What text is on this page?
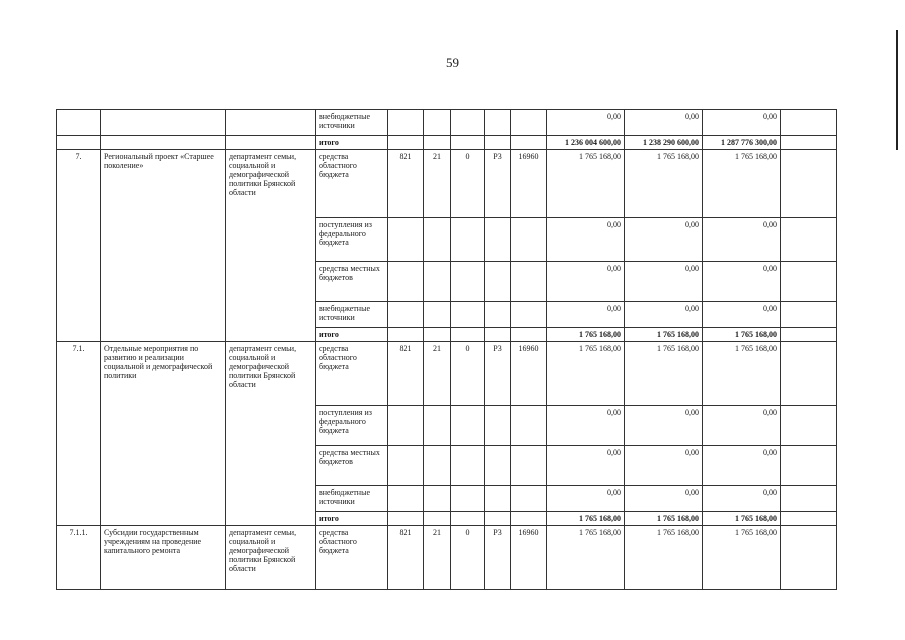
59
			внебюджетные источники						0,00	0,00	0,00	
			итого						1 236 004 600,00	1 238 290 600,00	1 287 776 300,00	
7.	Региональный проект «Старшее поколение»	департамент семьи, социальной и демографической политики Брянской области	средства областного бюджета	821	21	0	Р3	16960	1 765 168,00	1 765 168,00	1 765 168,00	
			поступления из федерального бюджета						0,00	0,00	0,00	
			средства местных бюджетов						0,00	0,00	0,00	
			внебюджетные источники						0,00	0,00	0,00	
			итого						1 765 168,00	1 765 168,00	1 765 168,00	
7.1.	Отдельные мероприятия по развитию и реализации социальной и демографической политики	департамент семьи, социальной и демографической политики Брянской области	средства областного бюджета	821	21	0	Р3	16960	1 765 168,00	1 765 168,00	1 765 168,00	
			поступления из федерального бюджета						0,00	0,00	0,00	
			средства местных бюджетов						0,00	0,00	0,00	
			внебюджетные источники						0,00	0,00	0,00	
			итого						1 765 168,00	1 765 168,00	1 765 168,00	
7.1.1.	Субсидии государственным учреждениям на проведение капитального ремонта	департамент семьи, социальной и демографической политики Брянской области	средства областного бюджета	821	21	0	Р3	16960	1 765 168,00	1 765 168,00	1 765 168,00	
